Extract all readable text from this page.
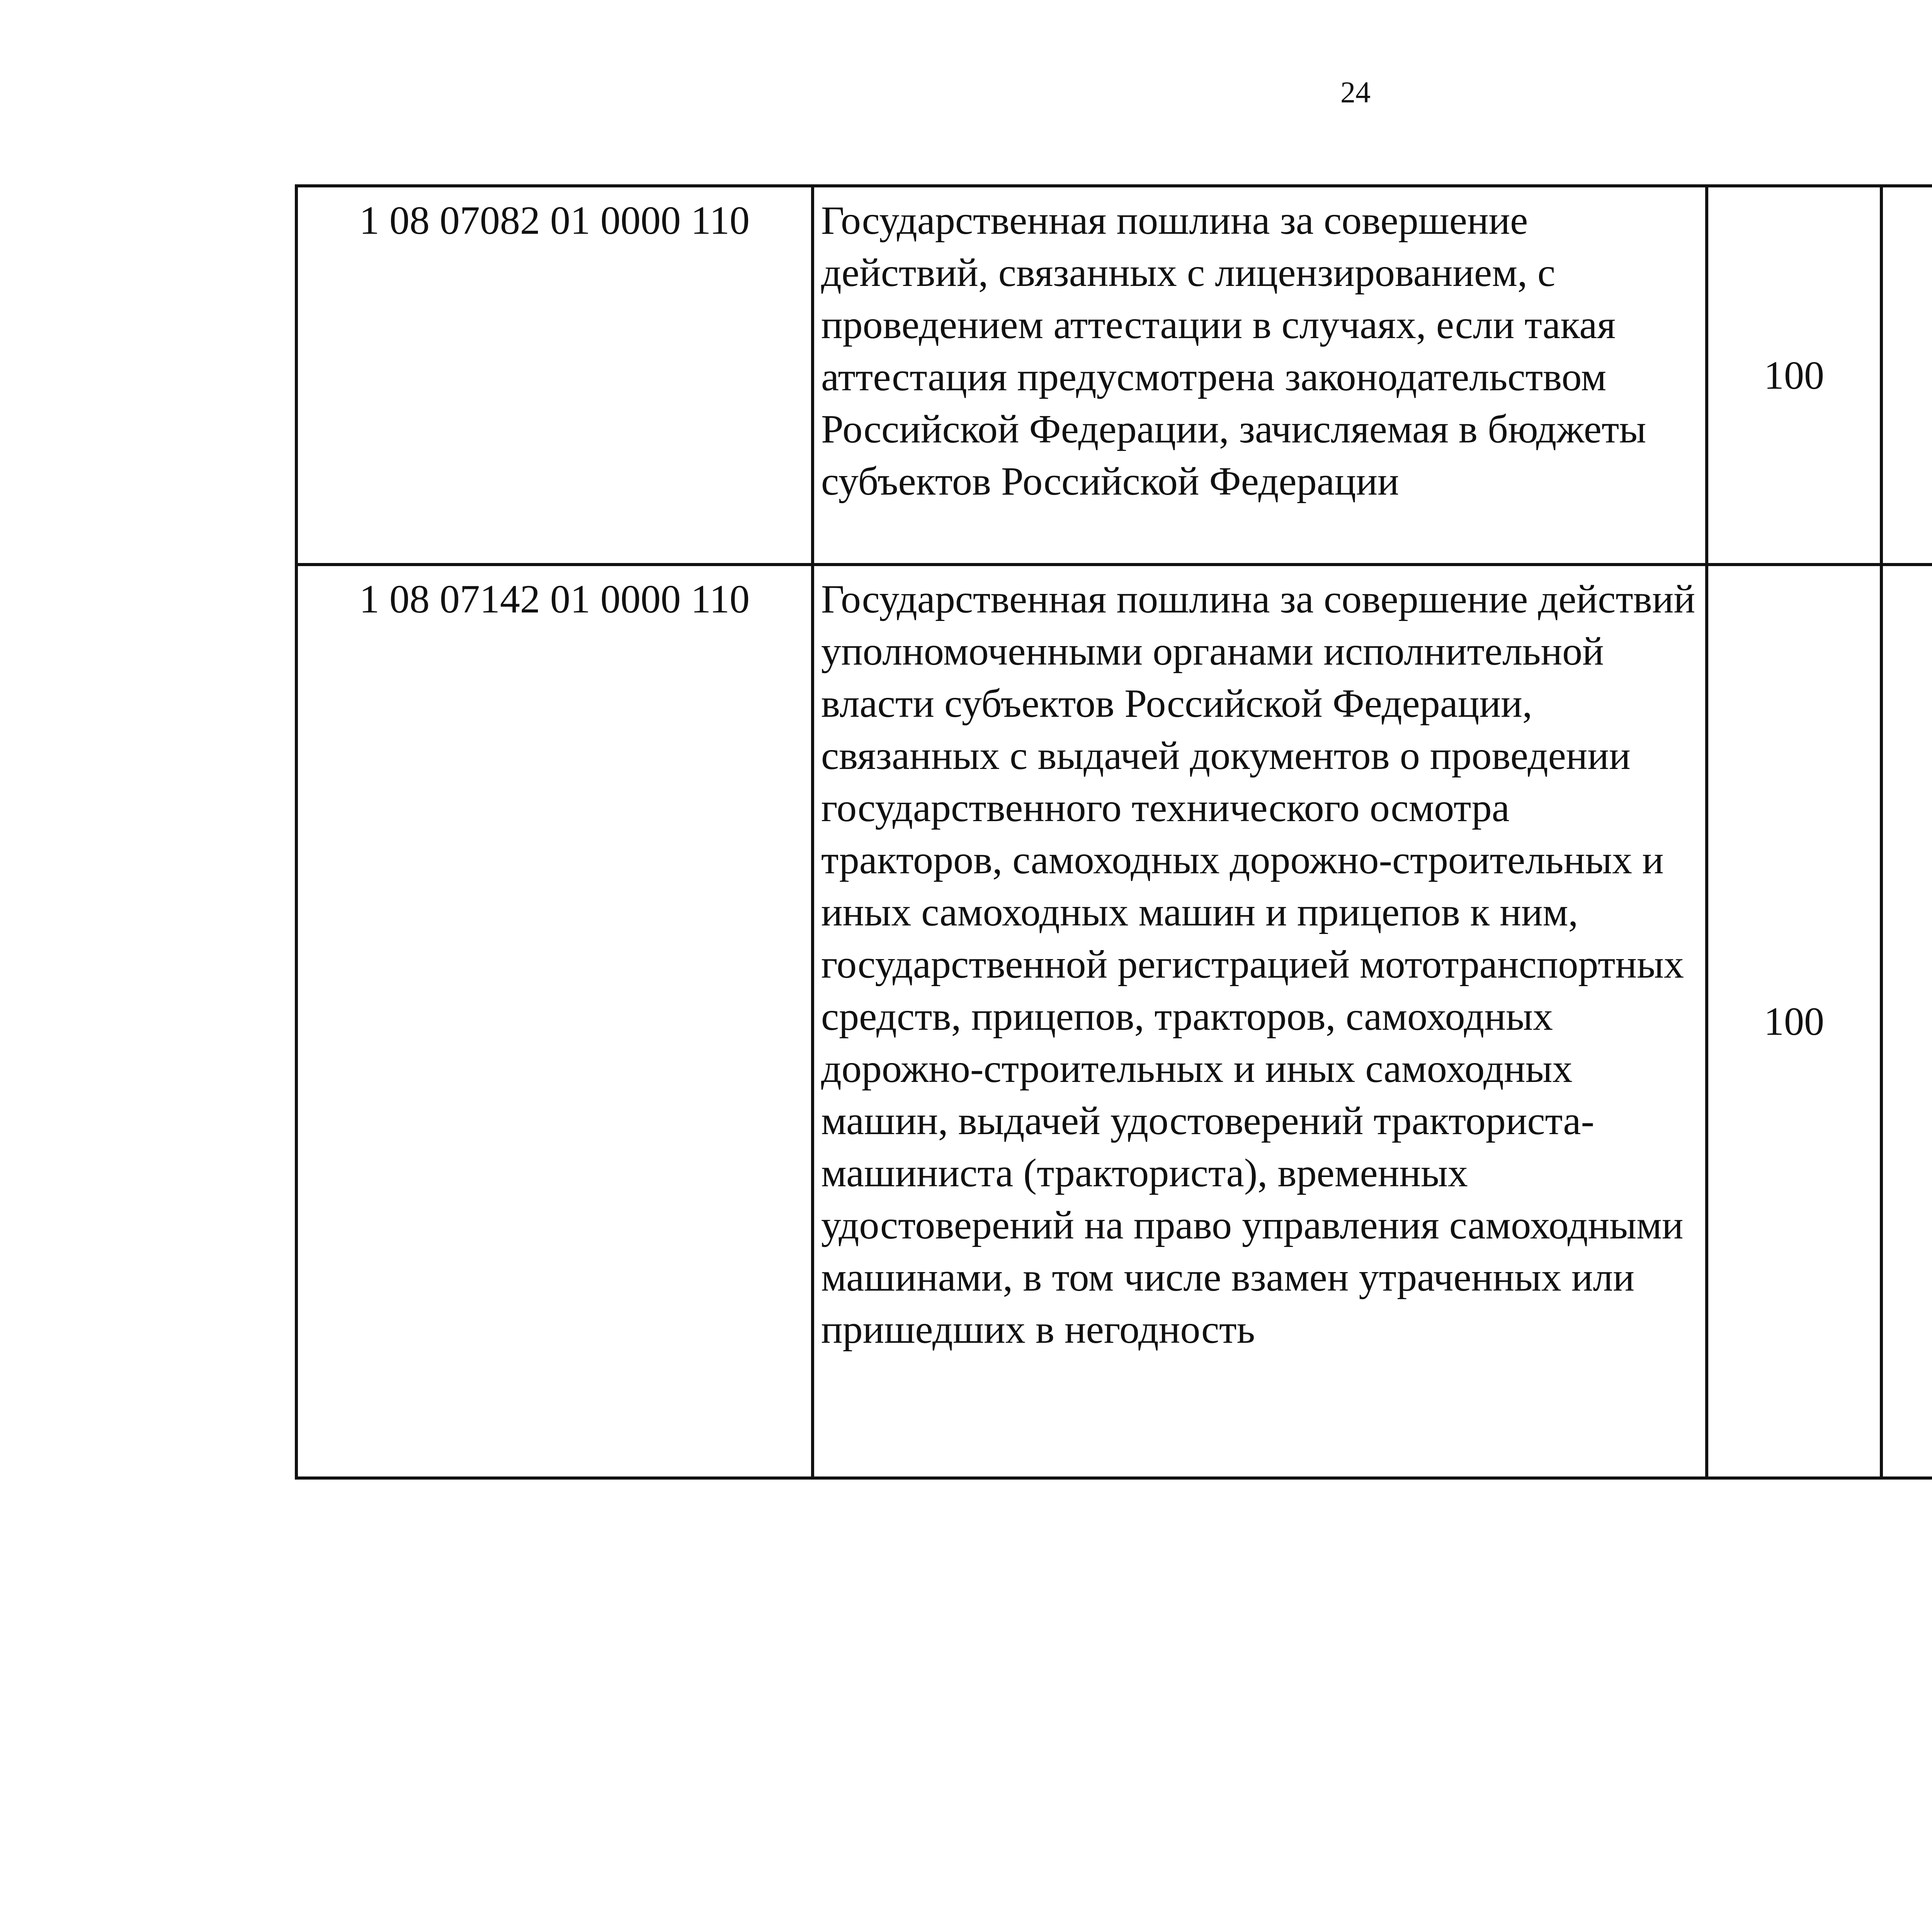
24
1 08 07082 01 0000 110	Государственная пошлина за совершение действий, связанных с лицензированием, с проведением аттестации в случаях, если такая аттестация предусмотрена законодательством Российской Федерации, зачисляемая в бюджеты субъектов Российской Федерации	100				
1 08 07142 01 0000 110	Государственная пошлина за совершение действий уполномоченными органами исполнительной власти субъектов Российской Федерации, связанных с выдачей документов о проведении государственного технического осмотра тракторов, самоходных дорожно-строительных и иных самоходных машин и прицепов к ним, государственной регистрацией мототранспортных средств, прицепов, тракторов, самоходных дорожно-строительных и иных самоходных машин, выдачей удостоверений тракториста-машиниста (тракториста), временных удостоверений на право управления самоходными машинами, в том числе взамен утраченных или пришедших в негодность	100				
